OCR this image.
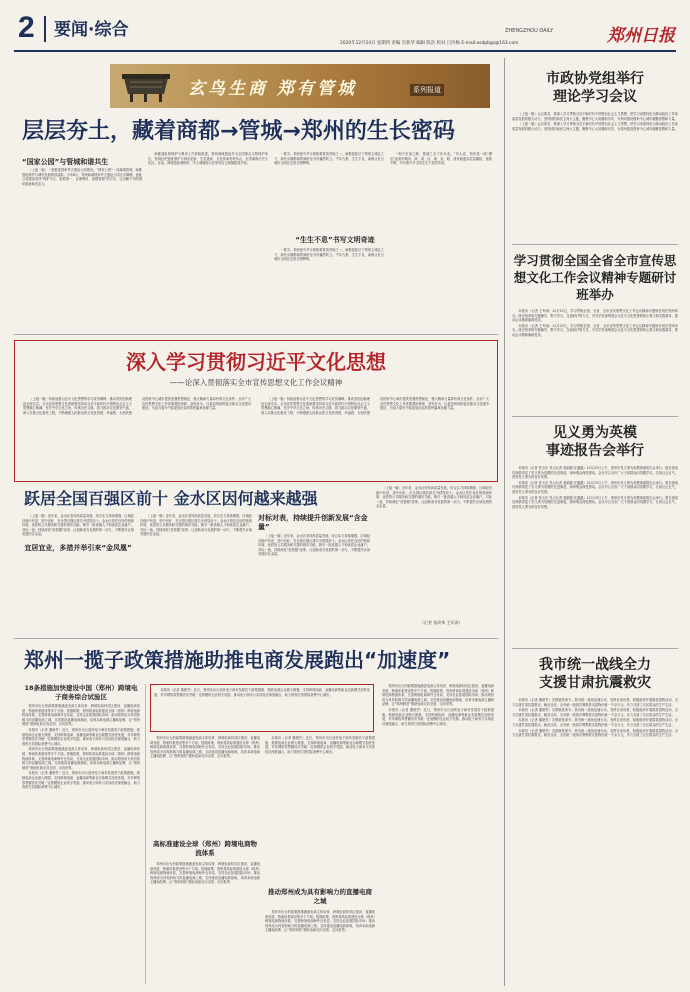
2 要闻·综合	ZHENGZHOU DAILY
2020年12月24日 星期四 责编 肖新华 编辑 陈浩 校对 吕玲梅 E-mail:xsdpbgs@163.com	郑州日报
玄鸟生商 郑有管城	系列报道
层层夯土，藏着商都→管城→郑州的生长密码
“国家公园”与管城和谐共生

（上接一版）一是推进国家考古遗址公园建设。“国家公园”一词落地管城，商都遗址保护与城市发展相得益彰。今年8月，郑州商城国家考古遗址公园正式揭牌，遗址公园建设坚持“保护为主、抢救第一、合理利用、加强管理”的方针，让沉睡千年的城垣重新焕发活力。

商都遗址的保护与利用工作持续推进。郑州商城遗址作为全国重点文物保护单位，管城区把遗址保护与城市更新、生态建设、文化传承有机结合，打造商都历史文化区。目前，商城遗址博物馆、夯土城墙展示区等项目已相继建成开放。

一数字。郑州是中华文明的重要发祥地之一。商都遗址位于郑州主城区之下，商代早期都城的城垣至今仍巍然屹立。千年古都，生生不息，商都文化与城市文明在这里交相辉映。

“生生不息”书写文明奇迹

一数字。郑州是中华文明的重要发祥地之一。商都遗址位于郑州主城区之下，商代早期都城的城垣至今仍巍然屹立。千年古都，生生不息，商都文化与城市文明在这里交相辉映。

“刻于东岗之畔，管城之名千年未变。”有人说，郑州是一座“叠压”起来的城市，商、周、汉、唐、宋、明、清各朝遗存层层累积，延续不断，书写着中华文明生生不息的传奇。

深入学习贯彻习近平文化思想
——论深入贯彻落实全市宣传思想文化工作会议精神

（上接一版）持续加强习近平文化思想的学习宣传阐释，推动党的创新理论走深走实。全市宣传思想文化系统要坚持用习近平新时代中国特色社会主义思想凝心铸魂，坚守中华文化立场，传承历史文脉，着力推动文化繁荣兴盛，深入实施文化惠民工程，不断增强人民群众的文化获得感、幸福感，为加快建设国家中心城市提供坚强思想保证、强大精神力量和有利文化条件。全市广大宣传思想文化工作者要勇担使命、奋发有为，以更加昂扬的姿态推动文化强市建设，为奋力谱写中原更加出彩的郑州篇章贡献力量。

（上接一版）持续加强习近平文化思想的学习宣传阐释，推动党的创新理论走深走实。全市宣传思想文化系统要坚持用习近平新时代中国特色社会主义思想凝心铸魂，坚守中华文化立场，传承历史文脉，着力推动文化繁荣兴盛，深入实施文化惠民工程，不断增强人民群众的文化获得感、幸福感，为加快建设国家中心城市提供坚强思想保证、强大精神力量和有利文化条件。全市广大宣传思想文化工作者要勇担使命、奋发有为，以更加昂扬的姿态推动文化强市建设，为奋力谱写中原更加出彩的郑州篇章贡献力量。

跃居全国百强区前十 金水区因何越来越强

（上接一版）近年来，金水区坚持高质量发展，综合实力持续增强，区域经济稳中有进、进中向好，在全国百强区排名中跃居前十。金水区依托良好的营商环境、优质的公共服务和完善的城市功能，吸引一批高端人才和优质企业落户。对标一流，持续深化“放管服”改革，让创新成为发展的第一动力，不断提升区域发展的含金量。

宜居宜业，多措并举引来“金凤凰”

（上接一版）近年来，金水区坚持高质量发展，综合实力持续增强，区域经济稳中有进、进中向好，在全国百强区排名中跃居前十。金水区依托良好的营商环境、优质的公共服务和完善的城市功能，吸引一批高端人才和优质企业落户。对标一流，持续深化“放管服”改革，让创新成为发展的第一动力，不断提升区域发展的含金量。

对标对表，持续提升创新发展“含金量”

（上接一版）近年来，金水区坚持高质量发展，综合实力持续增强，区域经济稳中有进、进中向好，在全国百强区排名中跃居前十。金水区依托良好的营商环境、优质的公共服务和完善的城市功能，吸引一批高端人才和优质企业落户。对标一流，持续深化“放管服”改革，让创新成为发展的第一动力，不断提升区域发展的含金量。

（上接一版）近年来，金水区坚持高质量发展，综合实力持续增强，区域经济稳中有进、进中向好，在全国百强区排名中跃居前十。金水区依托良好的营商环境、优质的公共服务和完善的城市功能，吸引一批高端人才和优质企业落户。对标一流，持续深化“放管服”改革，让创新成为发展的第一动力，不断提升区域发展的含金量。

（记者 张改革 王军涛）
郑州一揽子政策措施助推电商发展跑出“加速度”
18条措施加快建设中国（郑州）跨境电子商务综合试验区

郑州市出台的政策措施涵盖电商主体培育、跨境电商综试区建设、直播电商发展、物流体系建设等多个方面。按照政策，郑州将高标准建设全球（郑州）跨境电商物流体系，完善跨境电商海外仓布局，支持企业拓展国际市场；推动郑州成为具有影响力的直播电商之城，支持建设直播电商基地，培育本地电商主播和品牌，让“郑州制造”借助电商走向全国、走向世界。

本报讯（记者 董艳竹）近日，郑州市出台加快电子商务发展若干政策措施，鼓励电商企业做大做强，支持跨境电商、直播电商等新业态新模式加快发展，对年网络零售额首次突破一定规模的企业给予奖励，推动电子商务与实体经济深度融合，助力郑州打造国际消费中心城市。

郑州市出台的政策措施涵盖电商主体培育、跨境电商综试区建设、直播电商发展、物流体系建设等多个方面。按照政策，郑州将高标准建设全球（郑州）跨境电商物流体系，完善跨境电商海外仓布局，支持企业拓展国际市场；推动郑州成为具有影响力的直播电商之城，支持建设直播电商基地，培育本地电商主播和品牌，让“郑州制造”借助电商走向全国、走向世界。

本报讯（记者 董艳竹）近日，郑州市出台加快电子商务发展若干政策措施，鼓励电商企业做大做强，支持跨境电商、直播电商等新业态新模式加快发展，对年网络零售额首次突破一定规模的企业给予奖励，推动电子商务与实体经济深度融合，助力郑州打造国际消费中心城市。

本报讯（记者 董艳竹）近日，郑州市出台加快电子商务发展若干政策措施，鼓励电商企业做大做强，支持跨境电商、直播电商等新业态新模式加快发展，对年网络零售额首次突破一定规模的企业给予奖励，推动电子商务与实体经济深度融合，助力郑州打造国际消费中心城市。

郑州市出台的政策措施涵盖电商主体培育、跨境电商综试区建设、直播电商发展、物流体系建设等多个方面。按照政策，郑州将高标准建设全球（郑州）跨境电商物流体系，完善跨境电商海外仓布局，支持企业拓展国际市场；推动郑州成为具有影响力的直播电商之城，支持建设直播电商基地，培育本地电商主播和品牌，让“郑州制造”借助电商走向全国、走向世界。

高标准建设全球（郑州）跨境电商物流体系

郑州市出台的政策措施涵盖电商主体培育、跨境电商综试区建设、直播电商发展、物流体系建设等多个方面。按照政策，郑州将高标准建设全球（郑州）跨境电商物流体系，完善跨境电商海外仓布局，支持企业拓展国际市场；推动郑州成为具有影响力的直播电商之城，支持建设直播电商基地，培育本地电商主播和品牌，让“郑州制造”借助电商走向全国、走向世界。

本报讯（记者 董艳竹）近日，郑州市出台加快电子商务发展若干政策措施，鼓励电商企业做大做强，支持跨境电商、直播电商等新业态新模式加快发展，对年网络零售额首次突破一定规模的企业给予奖励，推动电子商务与实体经济深度融合，助力郑州打造国际消费中心城市。

推动郑州成为具有影响力的直播电商之城

郑州市出台的政策措施涵盖电商主体培育、跨境电商综试区建设、直播电商发展、物流体系建设等多个方面。按照政策，郑州将高标准建设全球（郑州）跨境电商物流体系，完善跨境电商海外仓布局，支持企业拓展国际市场；推动郑州成为具有影响力的直播电商之城，支持建设直播电商基地，培育本地电商主播和品牌，让“郑州制造”借助电商走向全国、走向世界。

郑州市出台的政策措施涵盖电商主体培育、跨境电商综试区建设、直播电商发展、物流体系建设等多个方面。按照政策，郑州将高标准建设全球（郑州）跨境电商物流体系，完善跨境电商海外仓布局，支持企业拓展国际市场；推动郑州成为具有影响力的直播电商之城，支持建设直播电商基地，培育本地电商主播和品牌，让“郑州制造”借助电商走向全国、走向世界。

本报讯（记者 董艳竹）近日，郑州市出台加快电子商务发展若干政策措施，鼓励电商企业做大做强，支持跨境电商、直播电商等新业态新模式加快发展，对年网络零售额首次突破一定规模的企业给予奖励，推动电子商务与实体经济深度融合，助力郑州打造国际消费中心城市。

市政协党组举行
理论学习会议

（上接一版）会议要求，要深入学习贯彻习近平新时代中国特色社会主义思想，把学习成果转化为推动政协工作高质量发展的强大动力，坚持团结和民主两大主题，聚焦中心大局履职尽责，为郑州建设国家中心城市凝聚智慧和力量。

（上接一版）会议要求，要深入学习贯彻习近平新时代中国特色社会主义思想，把学习成果转化为推动政协工作高质量发展的强大动力，坚持团结和民主两大主题，聚焦中心大局履职尽责，为郑州建设国家中心城市凝聚智慧和力量。

学习贯彻全国全省全市宣传思想文化工作会议精神专题研讨班举办

本报讯（记者 王军涛）12月23日，学习贯彻全国、全省、全市宣传思想文化工作会议精神专题研讨班在郑州举办。研讨班采取专题辅导、集中学习、交流研讨等方式，引导学员深刻领会习近平文化思想的核心要义和实践要求，推动会议精神落地见效。

本报讯（记者 王军涛）12月23日，学习贯彻全国、全省、全市宣传思想文化工作会议精神专题研讨班在郑州举办。研讨班采取专题辅导、集中学习、交流研讨等方式，引导学员深刻领会习近平文化思想的核心要义和实践要求，推动会议精神落地见效。

见义勇为英模
事迹报告会举行

本报讯（记者 张玉东 见习记者 裴娟娟 任鑫鑫）12月23日上午，郑州市见义勇为英模事迹报告会举行。报告团成员深情讲述了见义勇为英模的先进事迹，现场观众深受感动。会议号召全市广大干部群众向英模学习，弘扬社会正气，营造见义勇为的良好氛围。

本报讯（记者 张玉东 见习记者 裴娟娟 任鑫鑫）12月23日上午，郑州市见义勇为英模事迹报告会举行。报告团成员深情讲述了见义勇为英模的先进事迹，现场观众深受感动。会议号召全市广大干部群众向英模学习，弘扬社会正气，营造见义勇为的良好氛围。

本报讯（记者 张玉东 见习记者 裴娟娟 任鑫鑫）12月23日上午，郑州市见义勇为英模事迹报告会举行。报告团成员深情讲述了见义勇为英模的先进事迹，现场观众深受感动。会议号召全市广大干部群众向英模学习，弘扬社会正气，营造见义勇为的良好氛围。

我市统一战线全力
支援甘肃抗震救灾

本报讯（记者 董艳竹）灾情就是命令。我市统一战线迅速行动，发挥自身优势，积极组织开展捐款捐物活动，全力支援甘肃抗震救灾。截至目前，全市统一战线共筹集救灾款物价值一千余万元，有力支援了灾区群众的生产生活。

本报讯（记者 董艳竹）灾情就是命令。我市统一战线迅速行动，发挥自身优势，积极组织开展捐款捐物活动，全力支援甘肃抗震救灾。截至目前，全市统一战线共筹集救灾款物价值一千余万元，有力支援了灾区群众的生产生活。

本报讯（记者 董艳竹）灾情就是命令。我市统一战线迅速行动，发挥自身优势，积极组织开展捐款捐物活动，全力支援甘肃抗震救灾。截至目前，全市统一战线共筹集救灾款物价值一千余万元，有力支援了灾区群众的生产生活。

本报讯（记者 董艳竹）灾情就是命令。我市统一战线迅速行动，发挥自身优势，积极组织开展捐款捐物活动，全力支援甘肃抗震救灾。截至目前，全市统一战线共筹集救灾款物价值一千余万元，有力支援了灾区群众的生产生活。
